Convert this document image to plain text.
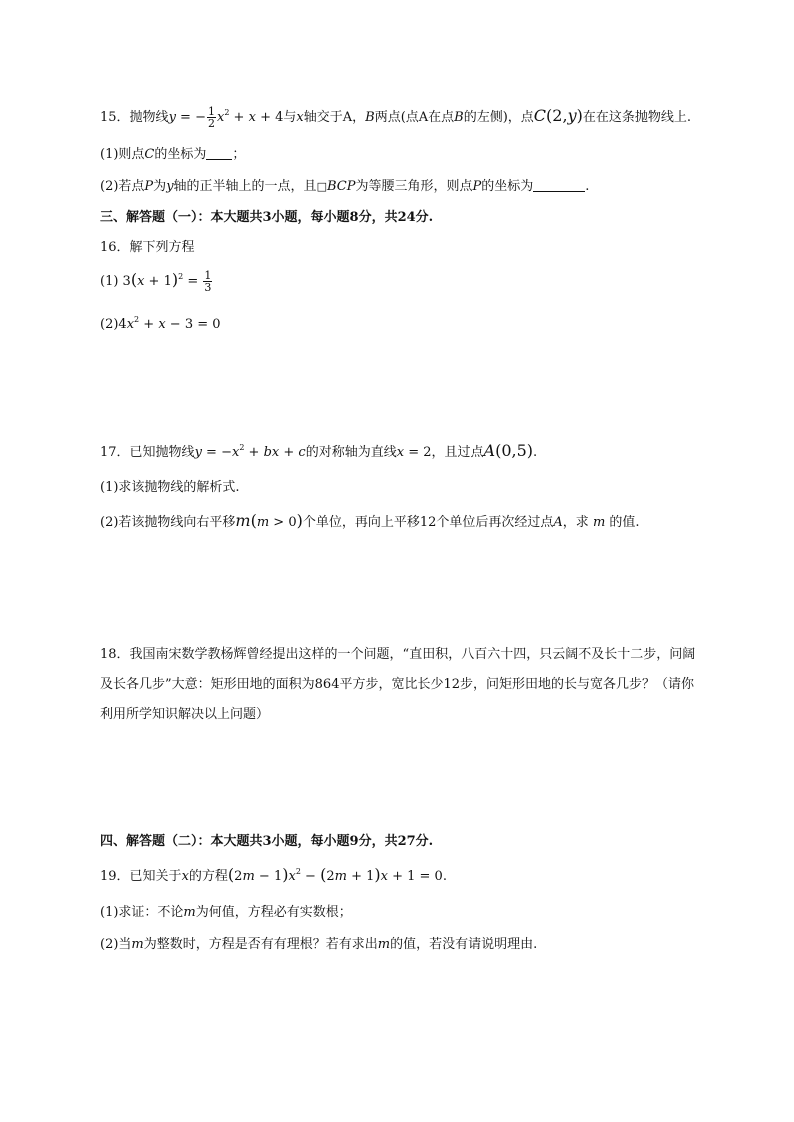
15．抛物线y = − $\frac{1}{2} x^2 + x + 4$与x轴交于A，B两点(点A在点B的左侧)，点C(2,y)在在这条抛物线上.
(1)则点C的坐标为 ；
(2)若点P为y轴的正半轴上的一点，且□BCP为等腰三角形，则点P的坐标为	.
三、解答题（一）：本大题共3小题，每小题8分，共24分.
16．解下列方程
(1) $3(x + 1)^2 = \frac{1}{3}$
$(2)4x^2 + x - 3 = 0$
17．已知抛物线$y = -x^2$ + bx + c的对称轴为直线x = 2，且过点A(0,5).
(1)求该抛物线的解析式.
(2)若该抛物线向右平移m(m > 0)个单位，再向上平移12个单位后再次经过点A，求 m 的值.
18．我国南宋数学教杨辉曾经提出这样的一个问题，“直田积，八百六十四，只云阔不及长十二步，问阔及长各几步”大意：矩形田地的面积为864平方步，宽比长少12步，问矩形田地的长与宽各几步？（请你利用所学知识解决以上问题）
四、解答题（二）：本大题共3小题，每小题9分，共27分.
19．已知关于x的方程$(2m - 1)x^2 - (2m + 1)x + 1 = 0$.
(1)求证：不论m为何值，方程必有实数根；
(2)当m为整数时，方程是否有有理根？若有求出m的值，若没有请说明理由.
